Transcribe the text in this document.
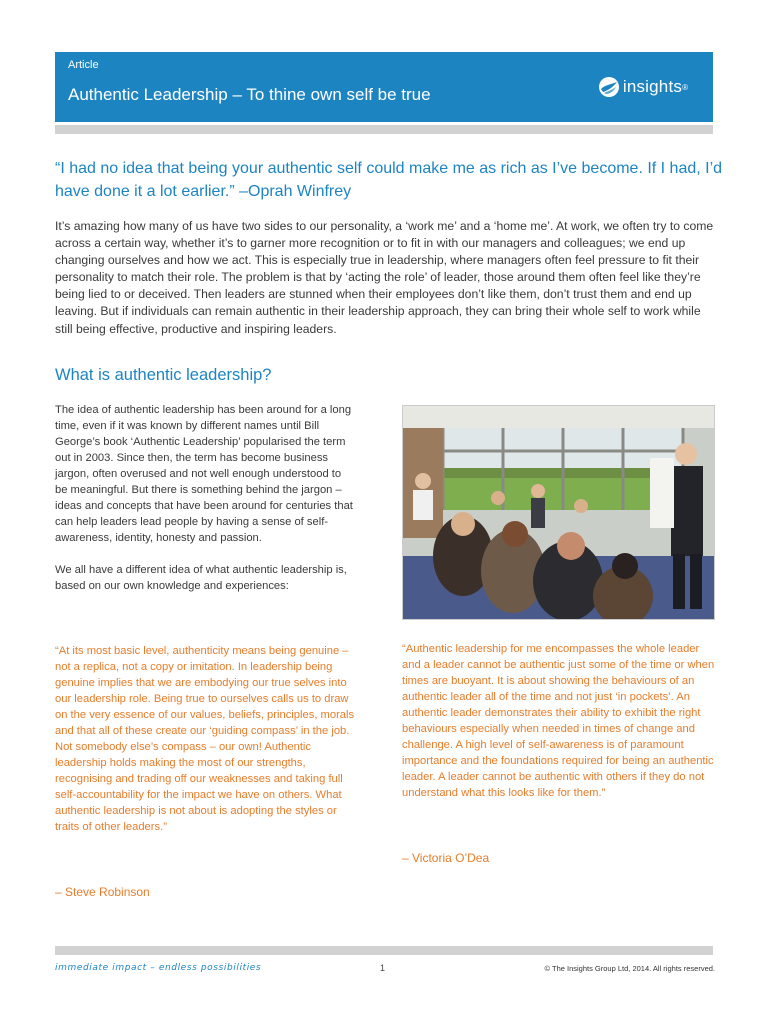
Article
Authentic Leadership – To thine own self be true	insights ®
“I had no idea that being your authentic self could make me as rich as I’ve become. If I had, I’d have done it a lot earlier.” –Oprah Winfrey
It’s amazing how many of us have two sides to our personality, a ‘work me’ and a ‘home me’. At work, we often try to come across a certain way, whether it’s to garner more recognition or to fit in with our managers and colleagues; we end up changing ourselves and how we act. This is especially true in leadership, where managers often feel pressure to fit their personality to match their role. The problem is that by ‘acting the role’ of leader, those around them often feel like they’re being lied to or deceived. Then leaders are stunned when their employees don’t like them, don’t trust them and end up leaving. But if individuals can remain authentic in their leadership approach, they can bring their whole self to work while still being effective, productive and inspiring leaders.
What is authentic leadership?

The idea of authentic leadership has been around for a long time, even if it was known by different names until Bill George’s book ‘Authentic Leadership’ popularised the term out in 2003. Since then, the term has become business jargon, often overused and not well enough understood to be meaningful. But there is something behind the jargon – ideas and concepts that have been around for centuries that can help leaders lead people by having a sense of self-awareness, identity, honesty and passion.

We all have a different idea of what authentic leadership is, based on our own knowledge and experiences:

“At its most basic level, authenticity means being genuine – not a replica, not a copy or imitation. In leadership being genuine implies that we are embodying our true selves into our leadership role. Being true to ourselves calls us to draw on the very essence of our values, beliefs, principles, morals and that all of these create our ‘guiding compass’ in the job. Not somebody else’s compass – our own! Authentic leadership holds making the most of our strengths, recognising and trading off our weaknesses and taking full self-accountability for the impact we have on others. What authentic leadership is not about is adopting the styles or traits of other leaders.”
– Steve Robinson
“Authentic leadership for me encompasses the whole leader and a leader cannot be authentic just some of the time or when times are buoyant. It is about showing the behaviours of an authentic leader all of the time and not just ‘in pockets’. An authentic leader demonstrates their ability to exhibit the right behaviours especially when needed in times of change and challenge. A high level of self-awareness is of paramount importance and the foundations required for being an authentic leader. A leader cannot be authentic with others if they do not understand what this looks like for them.”
– Victoria O’Dea
immediate impact – endless possibilities	1	© The Insights Group Ltd, 2014. All rights reserved.
